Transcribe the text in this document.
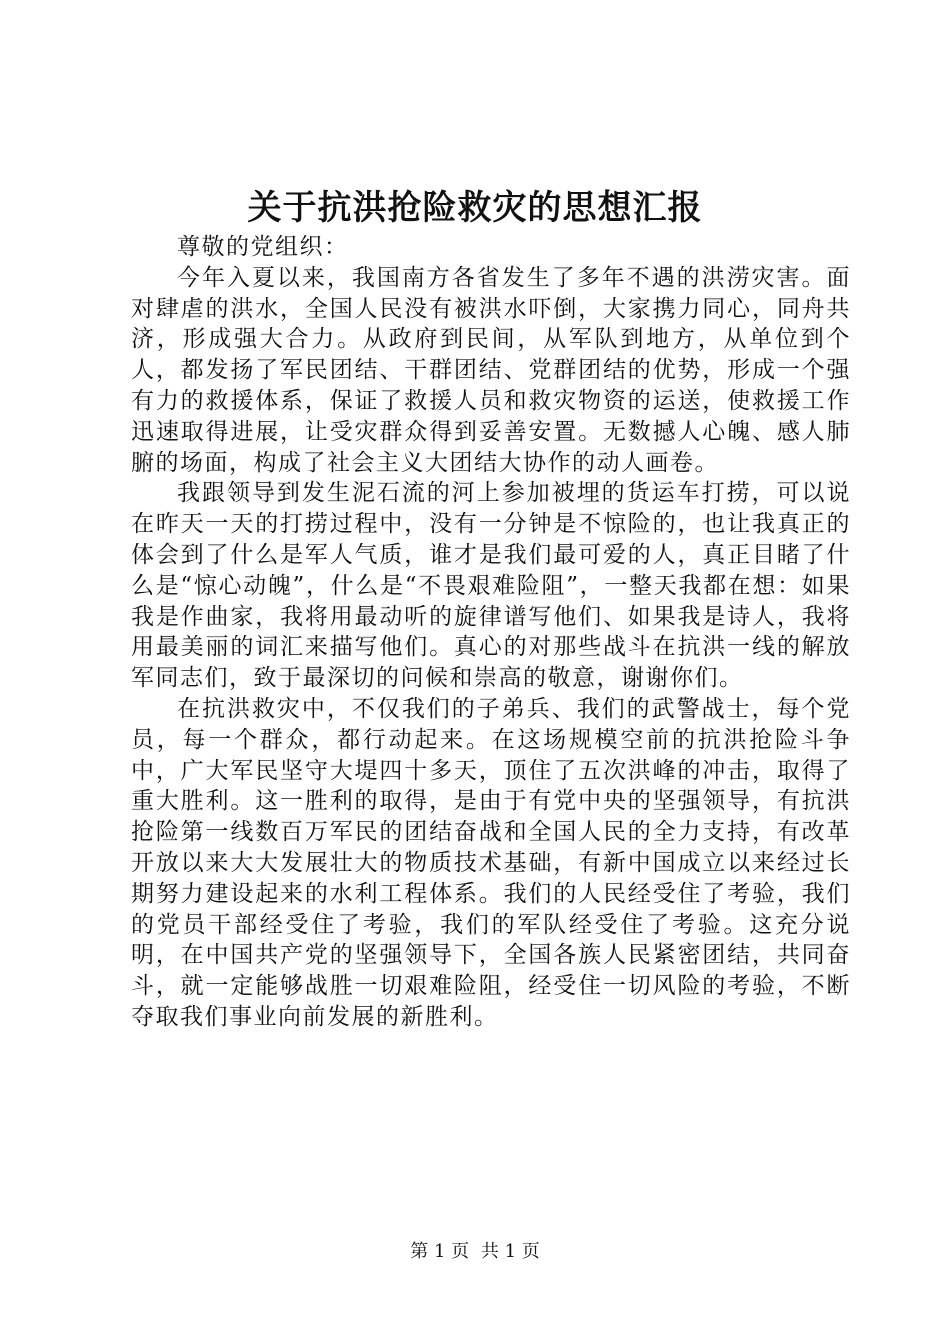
关于抗洪抢险救灾的思想汇报

尊敬的党组织：

今年入夏以来，我国南方各省发生了多年不遇的洪涝灾害。面对肆虐的洪水，全国人民没有被洪水吓倒，大家携力同心，同舟共济，形成强大合力。从政府到民间，从军队到地方，从单位到个人，都发扬了军民团结、干群团结、党群团结的优势，形成一个强有力的救援体系，保证了救援人员和救灾物资的运送，使救援工作迅速取得进展，让受灾群众得到妥善安置。无数撼人心魄、感人肺腑的场面，构成了社会主义大团结大协作的动人画卷。

我跟领导到发生泥石流的河上参加被埋的货运车打捞，可以说在昨天一天的打捞过程中，没有一分钟是不惊险的，也让我真正的体会到了什么是军人气质，谁才是我们最可爱的人，真正目睹了什么是“惊心动魄”，什么是“不畏艰难险阻”，一整天我都在想：如果我是作曲家，我将用最动听的旋律谱写他们、如果我是诗人，我将用最美丽的词汇来描写他们。真心的对那些战斗在抗洪一线的解放军同志们，致于最深切的问候和崇高的敬意，谢谢你们。

在抗洪救灾中，不仅我们的子弟兵、我们的武警战士，每个党员，每一个群众，都行动起来。在这场规模空前的抗洪抢险斗争中，广大军民坚守大堤四十多天，顶住了五次洪峰的冲击，取得了重大胜利。这一胜利的取得，是由于有党中央的坚强领导，有抗洪抢险第一线数百万军民的团结奋战和全国人民的全力支持，有改革开放以来大大发展壮大的物质技术基础，有新中国成立以来经过长期努力建设起来的水利工程体系。我们的人民经受住了考验，我们的党员干部经受住了考验，我们的军队经受住了考验。这充分说明，在中国共产党的坚强领导下，全国各族人民紧密团结，共同奋斗，就一定能够战胜一切艰难险阻，经受住一切风险的考验，不断夺取我们事业向前发展的新胜利。

第 1 页 共 1 页
